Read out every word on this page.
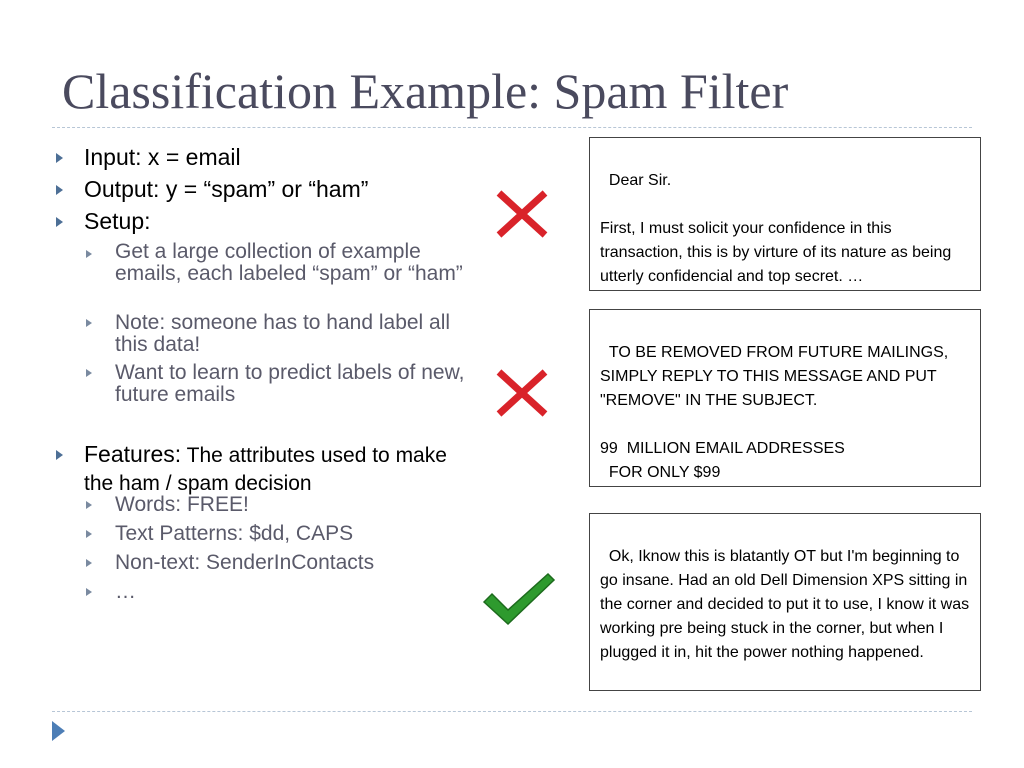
Classification Example: Spam Filter
Input: x = email
Output: y = “spam” or “ham”
Setup:
Get a large collection of example emails, each labeled “spam” or “ham”
Note: someone has to hand label all this data!
Want to learn to predict labels of new, future emails
Features: The attributes used to make the ham / spam decision
Words: FREE!
Text Patterns: $dd, CAPS
Non-text: SenderInContacts
…

Dear Sir.

First, I must solicit your confidence in this transaction, this is by virture of its nature as being utterly confidencial and top secret. …

TO BE REMOVED FROM FUTURE MAILINGS, SIMPLY REPLY TO THIS MESSAGE AND PUT "REMOVE" IN THE SUBJECT.

99  MILLION EMAIL ADDRESSES
FOR ONLY $99

Ok, Iknow this is blatantly OT but I'm beginning to go insane. Had an old Dell Dimension XPS sitting in the corner and decided to put it to use, I know it was working pre being stuck in the corner, but when I plugged it in, hit the power nothing happened.
